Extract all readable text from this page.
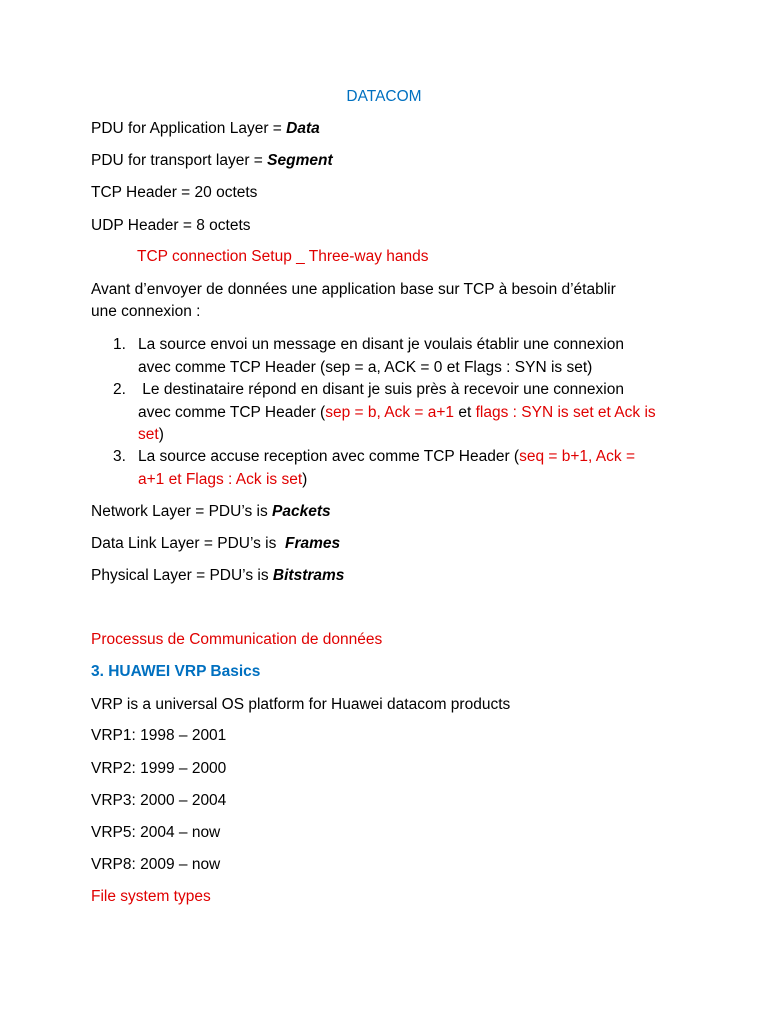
DATACOM
PDU for Application Layer = Data
PDU for transport layer = Segment
TCP Header = 20 octets
UDP Header = 8 octets
TCP connection Setup _ Three-way hands
Avant d’envoyer de données une application base sur TCP à besoin d’établir
une connexion :
1. La source envoi un message en disant je voulais établir une connexion
avec comme TCP Header (sep = a, ACK = 0 et Flags : SYN is set)
2. Le destinataire répond en disant je suis près à recevoir une connexion
avec comme TCP Header (sep = b, Ack = a+1 et flags : SYN is set et Ack is
set)
3. La source accuse reception avec comme TCP Header (seq = b+1, Ack =
a+1 et Flags : Ack is set)
Network Layer = PDU’s is Packets
Data Link Layer = PDU’s is  Frames
Physical Layer = PDU’s is Bitstrams
Processus de Communication de données
3. HUAWEI VRP Basics
VRP is a universal OS platform for Huawei datacom products
VRP1: 1998 – 2001
VRP2: 1999 – 2000
VRP3: 2000 – 2004
VRP5: 2004 – now
VRP8: 2009 – now
File system types
